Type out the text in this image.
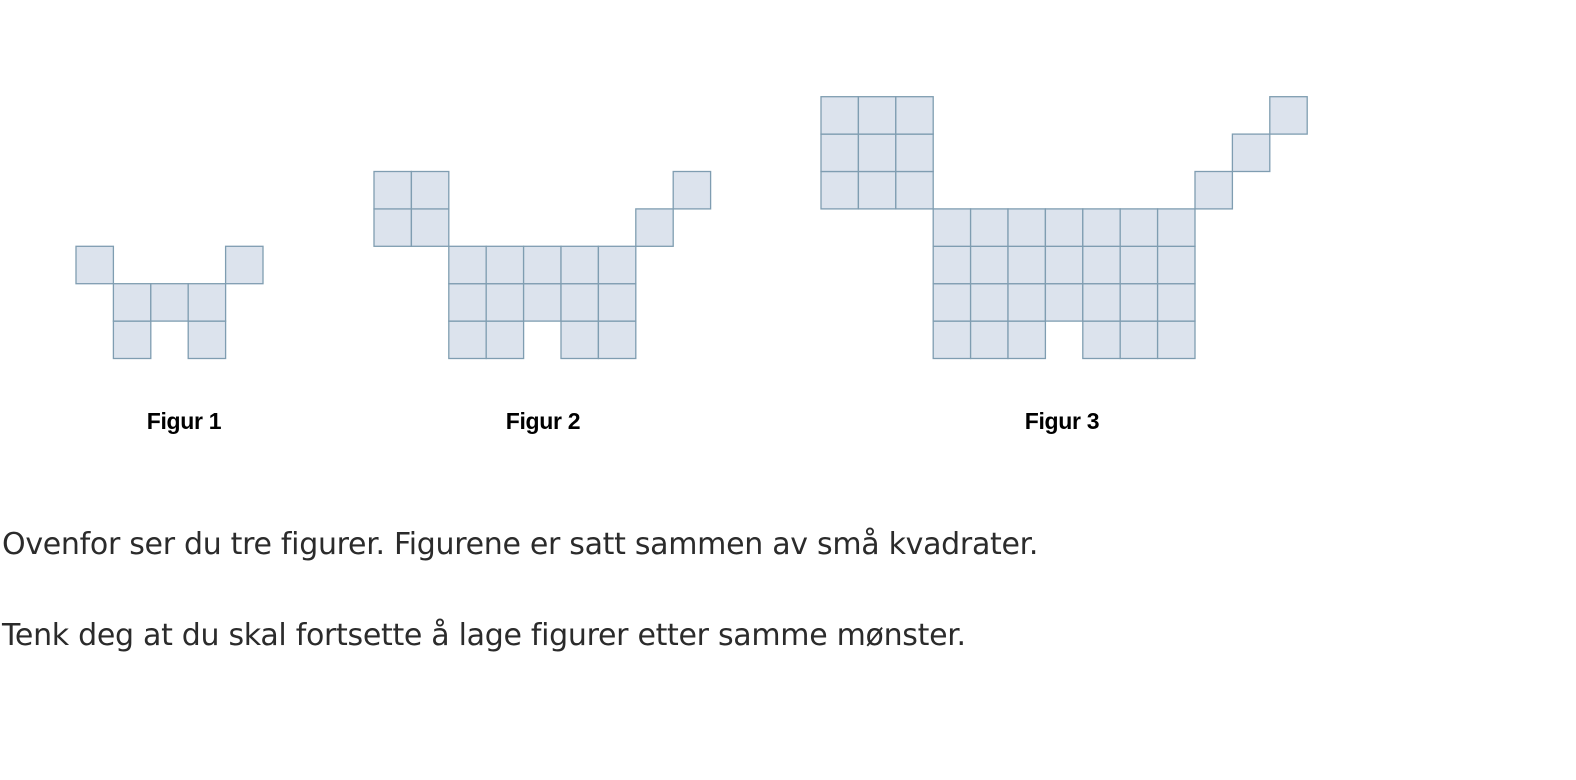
Figur 1	Figur 2	Figur 3

Ovenfor ser du tre figurer. Figurene er satt sammen av små kvadrater.

Tenk deg at du skal fortsette å lage figurer etter samme mønster.
